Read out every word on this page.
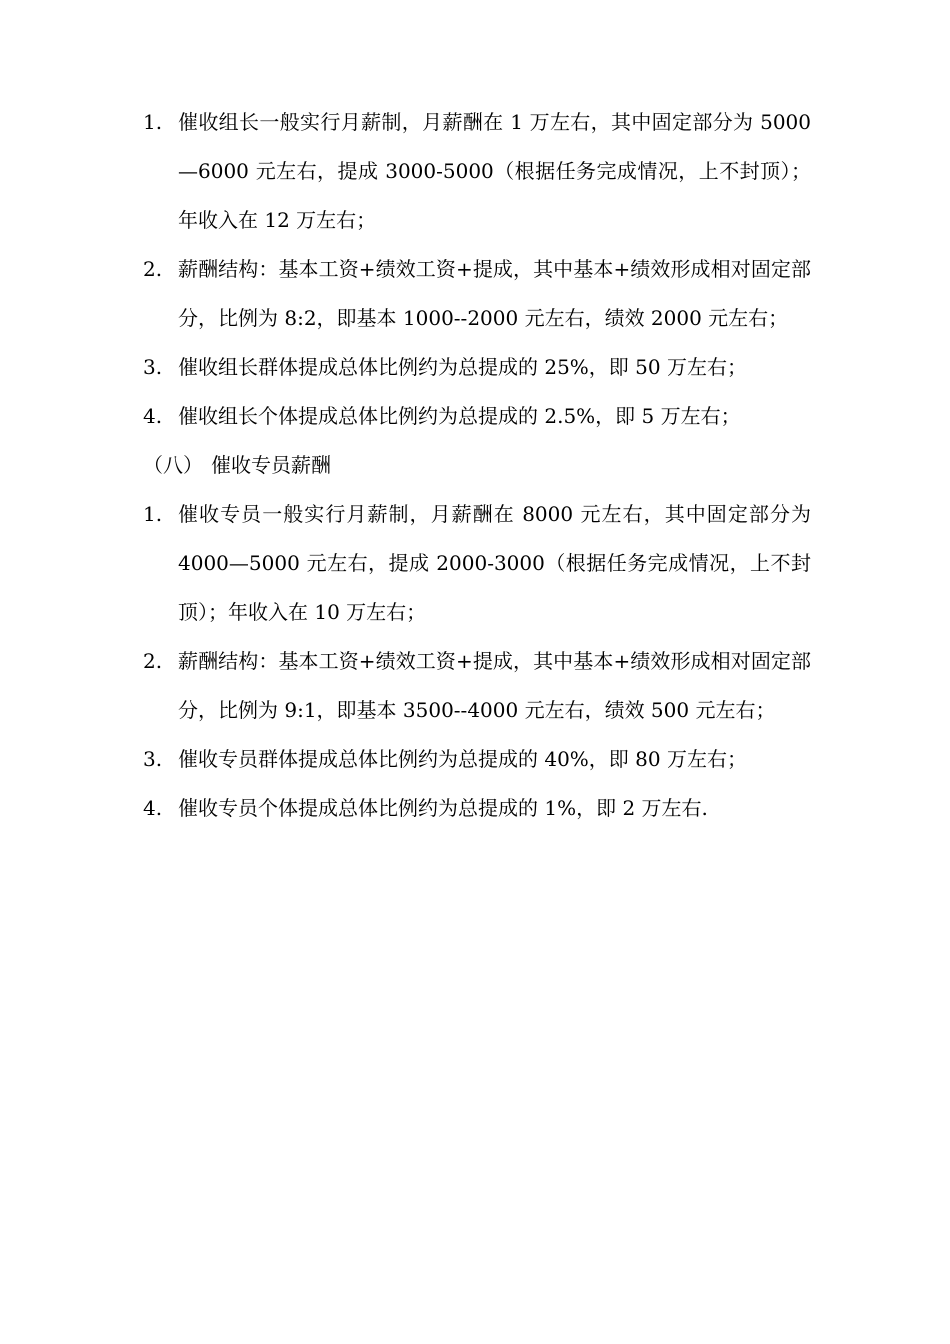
1. 催收组长一般实行月薪制，月薪酬在 1 万左右，其中固定部分为 5000—6000 元左右，提成 3000-5000（根据任务完成情况，上不封顶）；年收入在 12 万左右；
2. 薪酬结构：基本工资+绩效工资+提成，其中基本+绩效形成相对固定部分，比例为 8:2，即基本 1000--2000 元左右，绩效 2000 元左右；
3. 催收组长群体提成总体比例约为总提成的 25%，即 50 万左右；
4. 催收组长个体提成总体比例约为总提成的 2.5%，即 5 万左右；
（八） 催收专员薪酬
1. 催收专员一般实行月薪制，月薪酬在 8000 元左右，其中固定部分为 4000—5000 元左右，提成 2000-3000（根据任务完成情况，上不封顶）；年收入在 10 万左右；
2. 薪酬结构：基本工资+绩效工资+提成，其中基本+绩效形成相对固定部分，比例为 9:1，即基本 3500--4000 元左右，绩效 500 元左右；
3. 催收专员群体提成总体比例约为总提成的 40%，即 80 万左右；
4. 催收专员个体提成总体比例约为总提成的 1%，即 2 万左右.
